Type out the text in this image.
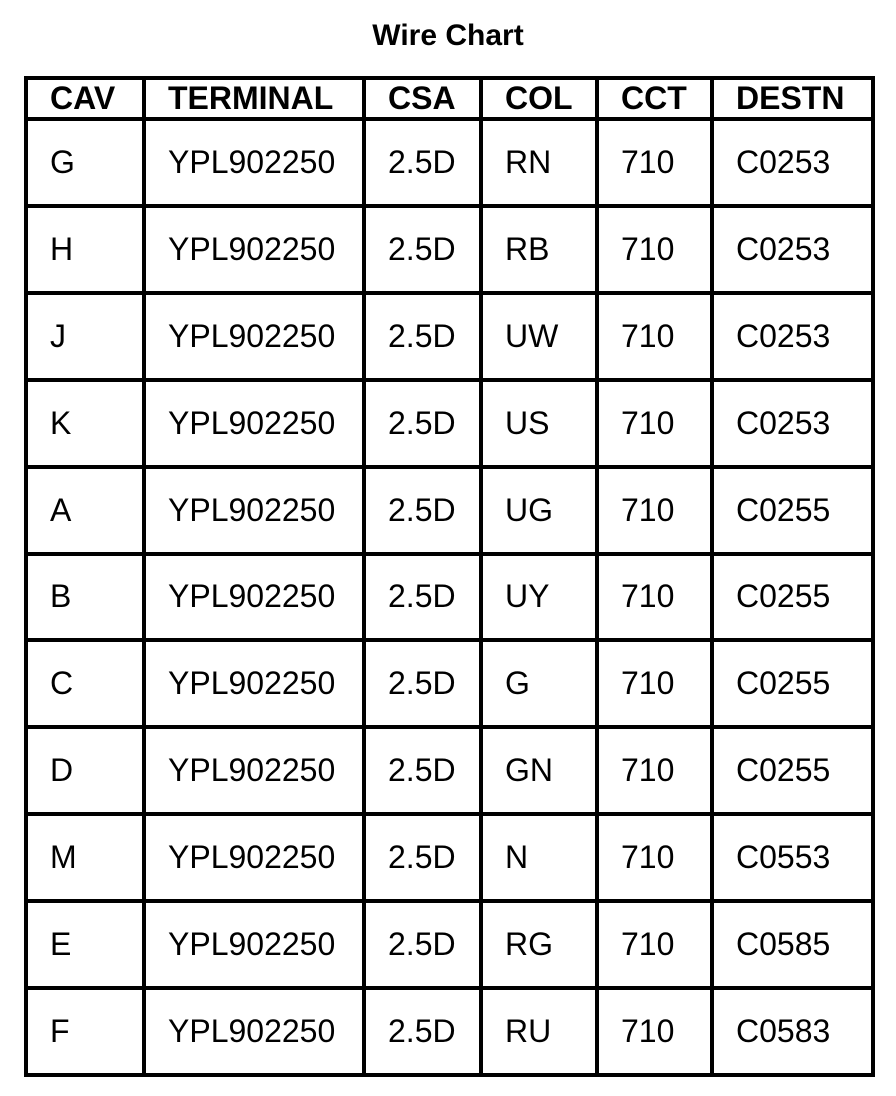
Wire Chart
CAV	TERMINAL	CSA	COL	CCT	DESTN
G	YPL902250	2.5D	RN	710	C0253
H	YPL902250	2.5D	RB	710	C0253
J	YPL902250	2.5D	UW	710	C0253
K	YPL902250	2.5D	US	710	C0253
A	YPL902250	2.5D	UG	710	C0255
B	YPL902250	2.5D	UY	710	C0255
C	YPL902250	2.5D	G	710	C0255
D	YPL902250	2.5D	GN	710	C0255
M	YPL902250	2.5D	N	710	C0553
E	YPL902250	2.5D	RG	710	C0585
F	YPL902250	2.5D	RU	710	C0583
